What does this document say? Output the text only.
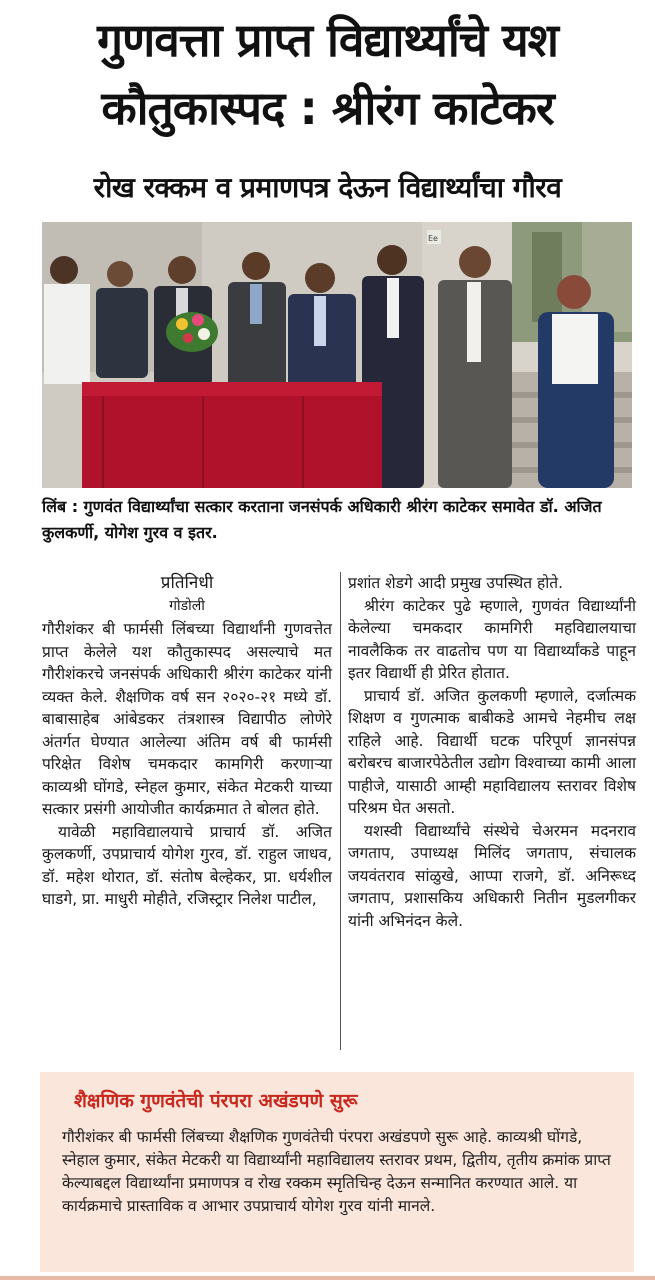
गुणवत्ता प्राप्त विद्यार्थ्यांचे यश
कौतुकास्पद : श्रीरंग काटेकर
रोख रक्कम व प्रमाणपत्र देऊन विद्यार्थ्यांचा गौरव
Ee
लिंब : गुणवंत विद्यार्थ्यांचा सत्कार करताना जनसंपर्क अधिकारी श्रीरंग काटेकर समावेत डॉ. अजित कुलकर्णी, योगेश गुरव व इतर.

प्रतिनिधी

गोडोली

गौरीशंकर बी फार्मसी लिंबच्या विद्यार्थांनी गुणवत्तेत प्राप्त केलेले यश कौतुकास्पद असल्याचे मत गौरीशंकरचे जनसंपर्क अधिकारी श्रीरंग काटेकर यांनी व्यक्त केले. शैक्षणिक वर्ष सन २०२०-२१ मध्ये डॉ. बाबासाहेब आंबेडकर तंत्रशास्त्र विद्यापीठ लोणेरे अंतर्गत घेण्यात आलेल्या अंतिम वर्ष बी फार्मसी परिक्षेत विशेष चमकदार कामगिरी करणाऱ्या काव्यश्री घोंगडे, स्नेहल कुमार, संकेत मेटकरी याच्या सत्कार प्रसंगी आयोजीत कार्यक्रमात ते बोलत होते.

यावेळी महाविद्यालयाचे प्राचार्य डॉ. अजित कुलकर्णी, उपप्राचार्य योगेश गुरव, डॉ. राहुल जाधव, डॉ. महेश थोरात, डॉ. संतोष बेल्हेकर, प्रा. धर्यशील घाडगे, प्रा. माधुरी मोहीते, रजिस्ट्रार निलेश पाटील,

प्रशांत शेडगे आदी प्रमुख उपस्थित होते.

श्रीरंग काटेकर पुढे म्हणाले, गुणवंत विद्यार्थ्यांनी केलेल्या चमकदार कामगिरी महविद्यालयाचा नावलैकिक तर वाढतोच पण या विद्यार्थ्यांकडे पाहून इतर विद्यार्थी ही प्रेरित होतात.

प्राचार्य डॉ. अजित कुलकणी म्हणाले, दर्जात्मक शिक्षण व गुणत्माक बाबीकडे आमचे नेहमीच लक्ष राहिले आहे. विद्यार्थी घटक परिपूर्ण ज्ञानसंपन्न बरोबरच बाजारपेठेतील उद्योग विश्वाच्या कामी आला पाहीजे, यासाठी आम्ही महाविद्यालय स्तरावर विशेष परिश्रम घेत असतो.

यशस्वी विद्यार्थ्यांचे संस्थेचे चेअरमन मदनराव जगताप, उपाध्यक्ष मिलिंद जगताप, संचालक जयवंतराव सांळुखे, आप्पा राजगे, डॉ. अनिरूध्द जगताप, प्रशासकिय अधिकारी नितीन मुडलगीकर यांनी अभिनंदन केले.

शैक्षणिक गुणवंतेची पंरपरा अखंडपणे सुरू

गौरीशंकर बी फार्मसी लिंबच्या शैक्षणिक गुणवंतेची पंरपरा अखंडपणे सुरू आहे. काव्यश्री घोंगडे, स्नेहाल कुमार, संकेत मेटकरी या विद्यार्थ्यांनी महाविद्यालय स्तरावर प्रथम, द्वितीय, तृतीय क्रमांक प्राप्त केल्याबद्दल विद्यार्थ्यांना प्रमाणपत्र व रोख रक्कम स्मृतिचिन्ह देऊन सन्मानित करण्यात आले. या कार्यक्रमाचे प्रास्ताविक व आभार उपप्राचार्य योगेश गुरव यांनी मानले.
